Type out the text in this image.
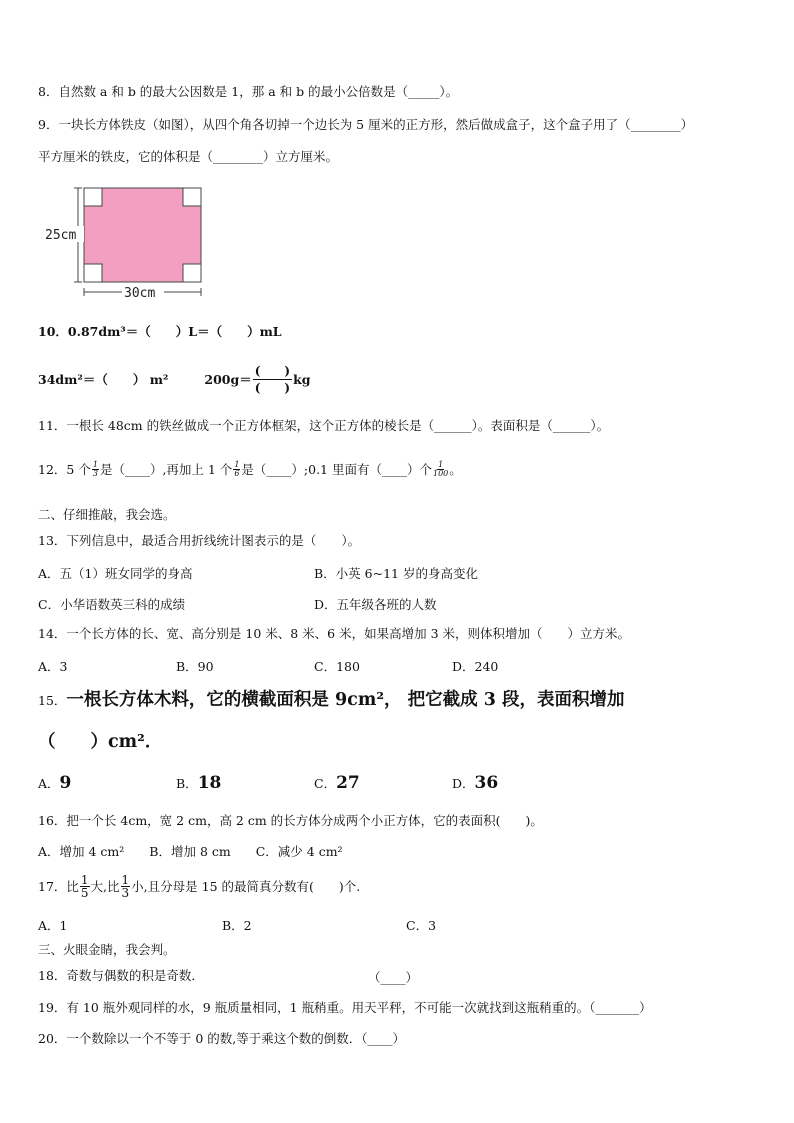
8．自然数 a 和 b 的最大公因数是 1，那 a 和 b 的最小公倍数是（_____）。
9．一块长方体铁皮（如图），从四个角各切掉一个边长为 5 厘米的正方形，然后做成盒子，这个盒子用了（________）
平方厘米的铁皮，它的体积是（________）立方厘米。
25cm
30cm
10．0.87dm³＝（　　）L＝（　　）mL
34dm²＝（　　） m²	$200g= \frac{( )}{( )}$ kg
11．一根长 48cm 的铁丝做成一个正方体框架，这个正方体的棱长是（______）。表面积是（______）。
12．5 个 $\frac{1}{3}$ 是（____）,再加上 1 个 $\frac{1}{6}$ 是（____）;0.1 里面有（____）个 $\frac{1}{100}$ 。
二、仔细推敲，我会选。
13．下列信息中，最适合用折线统计图表示的是（　　）。
A．五（1）班女同学的身高	B．小英 6~11 岁的身高变化
C．小华语数英三科的成绩	D．五年级各班的人数
14．一个长方体的长、宽、高分别是 10 米、8 米、6 米，如果高增加 3 米，则体积增加（　　）立方米。
A．3	B．90	C．180	D．240
15． 一根长方体木料，它的横截面积是 9cm²， 把它截成 3 段，表面积增加
（　　）cm²．
A．9	B．18	C．27	D．36
16．把一个长 4cm，宽 2 cm，高 2 cm 的长方体分成两个小正方体，它的表面积(　　)。
A．增加 4 cm²　　B．增加 8 cm　　C．减少 4 cm²
17．比 $\frac{1}{5}$ 大,比 $\frac{1}{3}$ 小,且分母是 15 的最简真分数有(　　)个.
A．1	B．2	C．3
三、火眼金睛，我会判。
18．奇数与偶数的积是奇数．	（____）
19．有 10 瓶外观同样的水，9 瓶质量相同，1 瓶稍重。用天平秤，不可能一次就找到这瓶稍重的。（_______）
20．一个数除以一个不等于 0 的数,等于乘这个数的倒数．（____）
